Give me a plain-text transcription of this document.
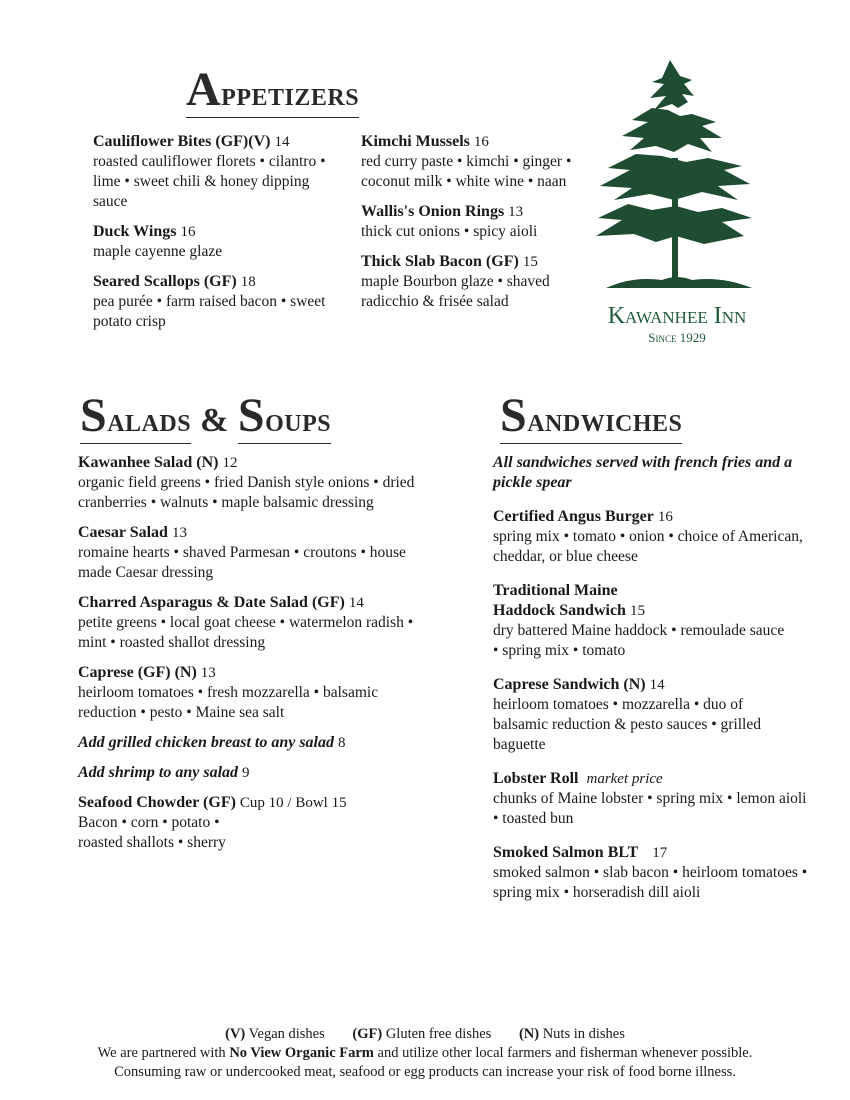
Appetizers
Cauliflower Bites (GF)(V) 14
roasted cauliflower florets • cilantro • lime • sweet chili & honey dipping sauce
Duck Wings 16
maple cayenne glaze
Seared Scallops (GF) 18
pea purée • farm raised bacon • sweet potato crisp
Kimchi Mussels 16
red curry paste • kimchi • ginger • coconut milk • white wine • naan
Wallis's Onion Rings 13
thick cut onions • spicy aioli
Thick Slab Bacon (GF) 15
maple Bourbon glaze • shaved radicchio & frisée salad
Kawanhee Inn
Since 1929
Salads & Soups
Kawanhee Salad (N) 12
organic field greens • fried Danish style onions • dried cranberries • walnuts • maple balsamic dressing
Caesar Salad 13
romaine hearts • shaved Parmesan • croutons • house made Caesar dressing
Charred Asparagus & Date Salad (GF) 14
petite greens • local goat cheese • watermelon radish • mint • roasted shallot dressing
Caprese (GF) (N) 13
heirloom tomatoes • fresh mozzarella • balsamic reduction • pesto • Maine sea salt
Add grilled chicken breast to any salad 8
Add shrimp to any salad 9
Seafood Chowder (GF) Cup 10 / Bowl 15
Bacon • corn • potato • roasted shallots • sherry
Sandwiches
All sandwiches served with french fries and a pickle spear
Certified Angus Burger 16
spring mix • tomato • onion • choice of American, cheddar, or blue cheese
Traditional Maine Haddock Sandwich 15
dry battered Maine haddock • remoulade sauce • spring mix • tomato
Caprese Sandwich (N) 14
heirloom tomatoes • mozzarella • duo of balsamic reduction & pesto sauces • grilled baguette
Lobster Roll market price
chunks of Maine lobster • spring mix • lemon aioli • toasted bun
Smoked Salmon BLT 17
smoked salmon • slab bacon • heirloom tomatoes • spring mix • horseradish dill aioli
(V) Vegan dishes (GF) Gluten free dishes (N) Nuts in dishes
We are partnered with No View Organic Farm and utilize other local farmers and fisherman whenever possible.
Consuming raw or undercooked meat, seafood or egg products can increase your risk of food borne illness.
